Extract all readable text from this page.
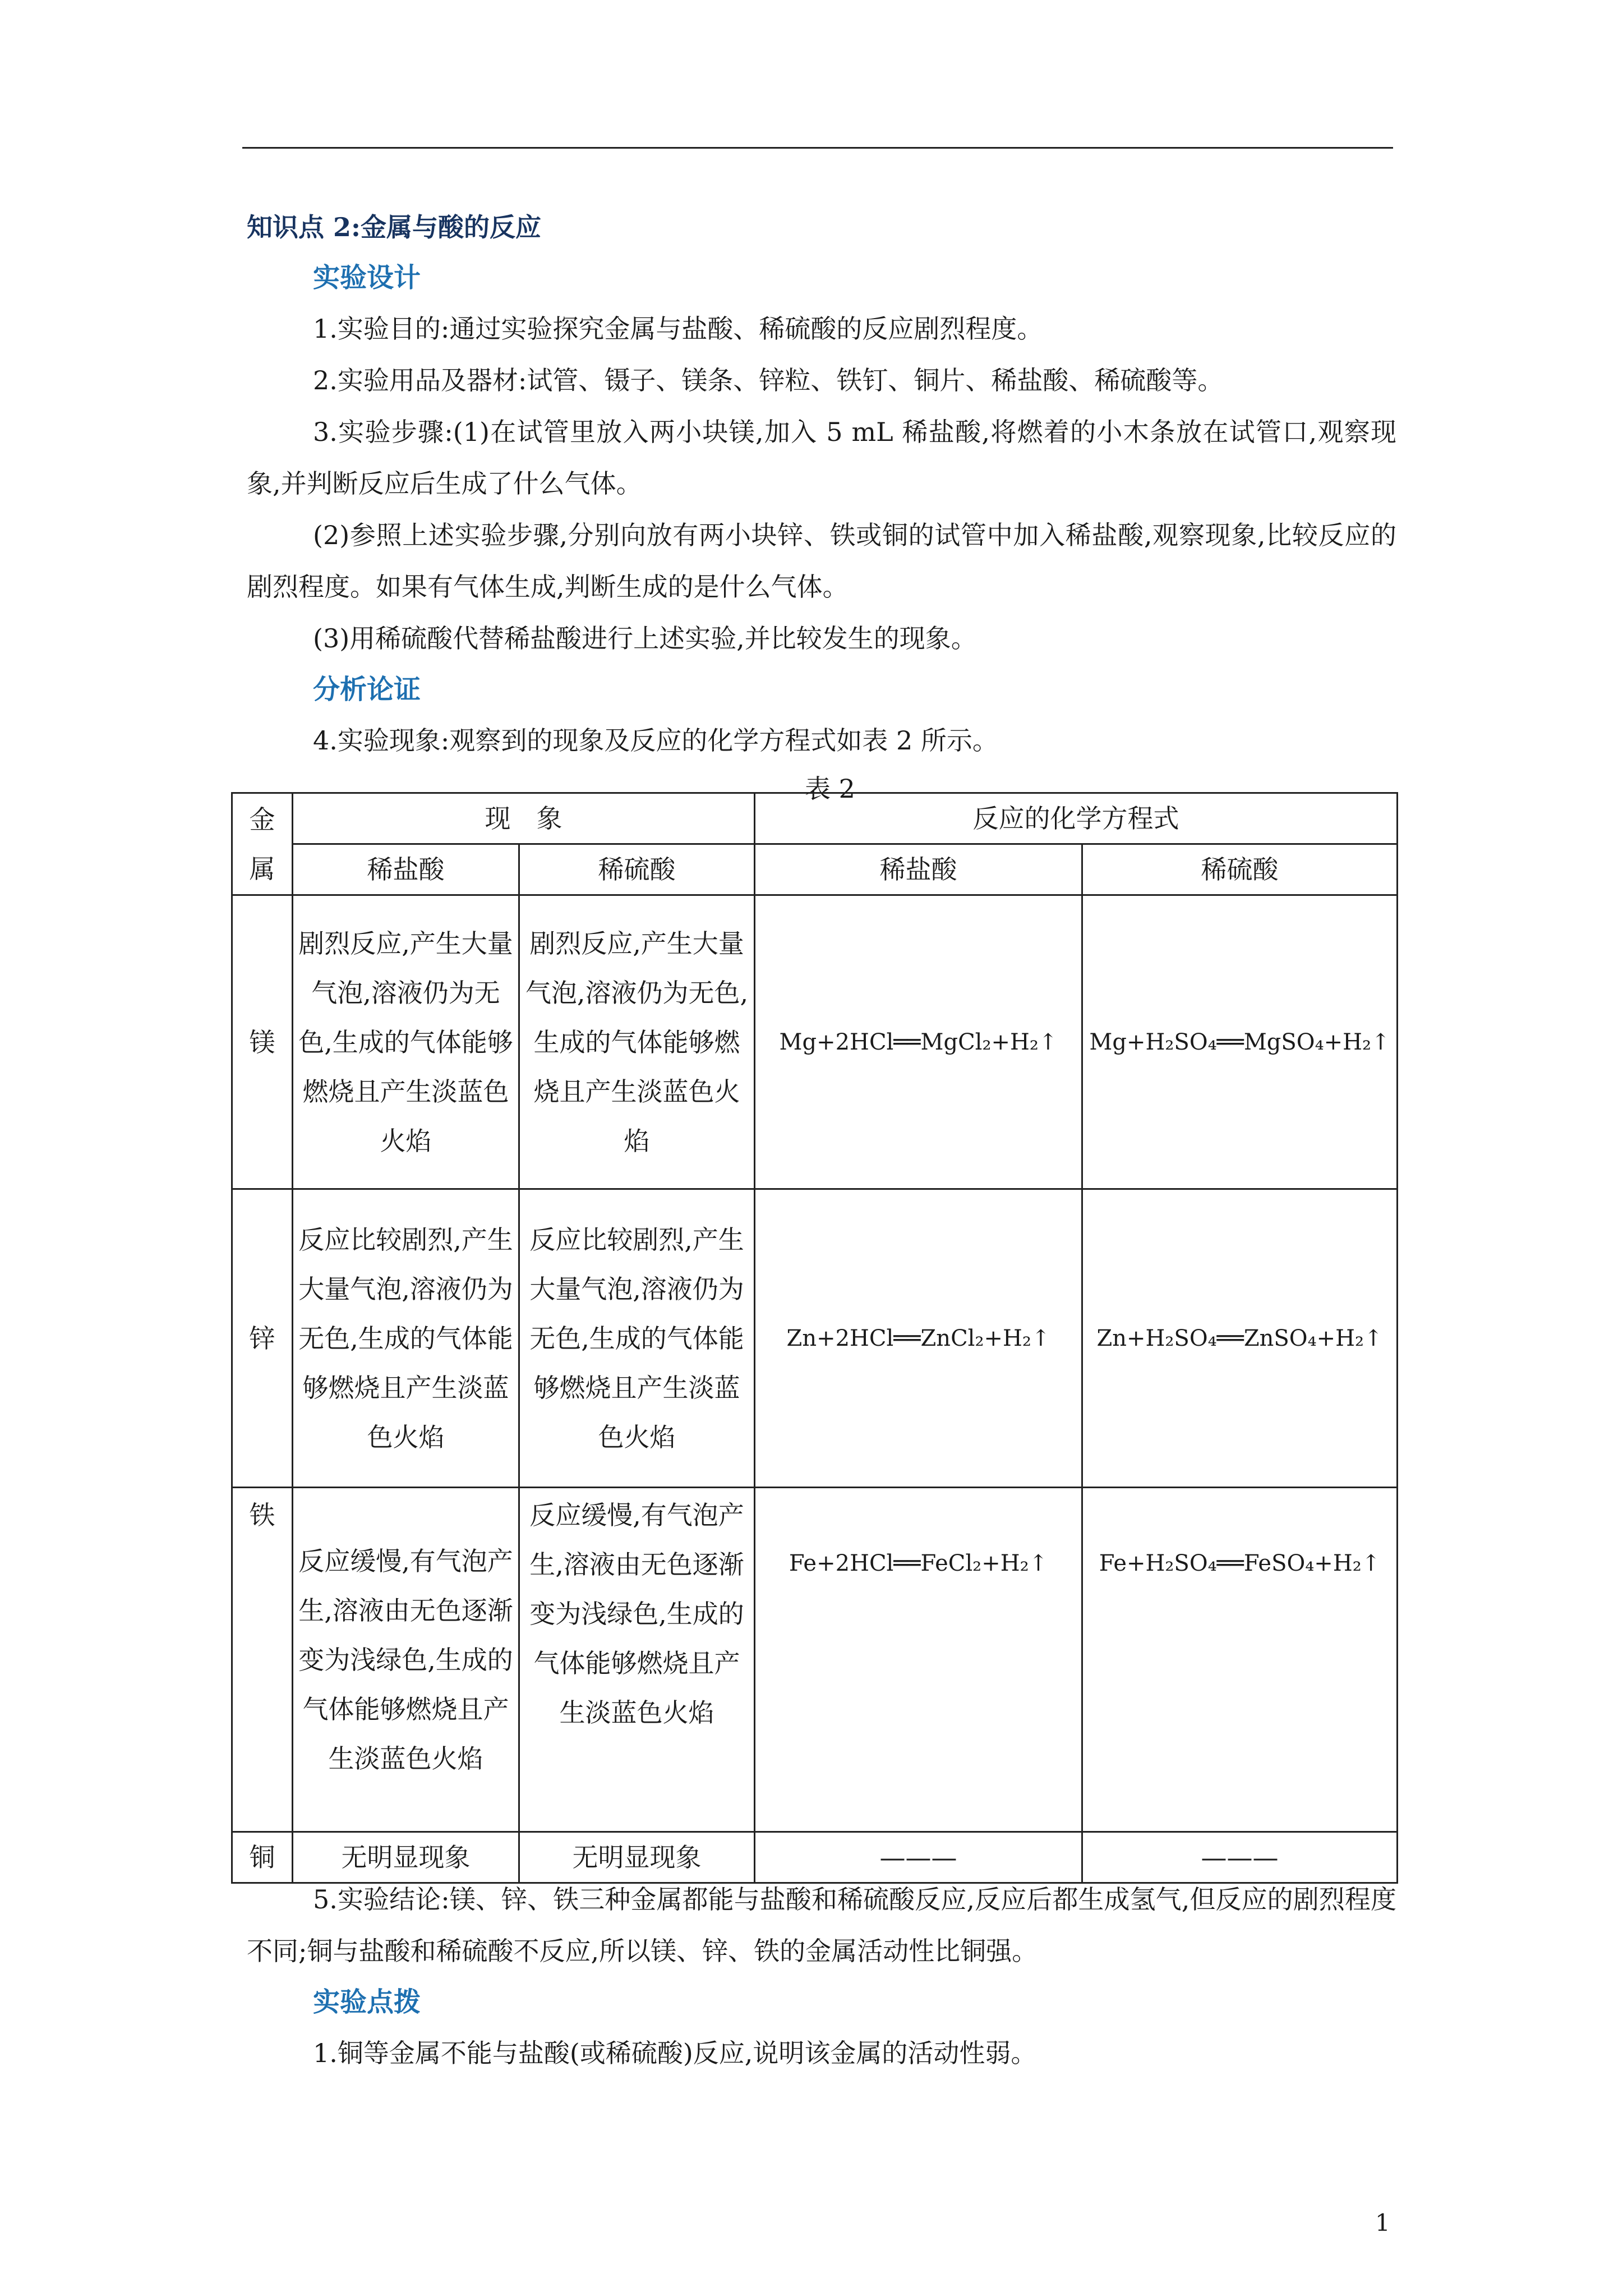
知识点 2:金属与酸的反应

实验设计

1.实验目的:通过实验探究金属与盐酸、稀硫酸的反应剧烈程度。

2.实验用品及器材:试管、镊子、镁条、锌粒、铁钉、铜片、稀盐酸、稀硫酸等。

3.实验步骤:(1)在试管里放入两小块镁,加入 5 mL 稀盐酸,将燃着的小木条放在试管口,观察现象,并判断反应后生成了什么气体。

(2)参照上述实验步骤,分别向放有两小块锌、铁或铜的试管中加入稀盐酸,观察现象,比较反应的剧烈程度。如果有气体生成,判断生成的是什么气体。

(3)用稀硫酸代替稀盐酸进行上述实验,并比较发生的现象。

分析论证

4.实验现象:观察到的现象及反应的化学方程式如表 2 所示。

表 2

金属	现　象		反应的化学方程式	
	稀盐酸	稀硫酸	稀盐酸	稀硫酸
镁	剧烈反应,产生大量气泡,溶液仍为无色,生成的气体能够燃烧且产生淡蓝色火焰	剧烈反应,产生大量气泡,溶液仍为无色,生成的气体能够燃烧且产生淡蓝色火焰	Mg+2HCl══MgCl₂+H₂↑	Mg+H₂SO₄══MgSO₄+H₂↑
锌	反应比较剧烈,产生大量气泡,溶液仍为无色,生成的气体能够燃烧且产生淡蓝色火焰	反应比较剧烈,产生大量气泡,溶液仍为无色,生成的气体能够燃烧且产生淡蓝色火焰	Zn+2HCl══ZnCl₂+H₂↑	Zn+H₂SO₄══ZnSO₄+H₂↑
铁	反应缓慢,有气泡产生,溶液由无色逐渐变为浅绿色,生成的气体能够燃烧且产生淡蓝色火焰	反应缓慢,有气泡产生,溶液由无色逐渐变为浅绿色,生成的气体能够燃烧且产生淡蓝色火焰	Fe+2HCl══FeCl₂+H₂↑	Fe+H₂SO₄══FeSO₄+H₂↑
铜	无明显现象	无明显现象	———	———

5.实验结论:镁、锌、铁三种金属都能与盐酸和稀硫酸反应,反应后都生成氢气,但反应的剧烈程度不同;铜与盐酸和稀硫酸不反应,所以镁、锌、铁的金属活动性比铜强。

实验点拨

1.铜等金属不能与盐酸(或稀硫酸)反应,说明该金属的活动性弱。

1
